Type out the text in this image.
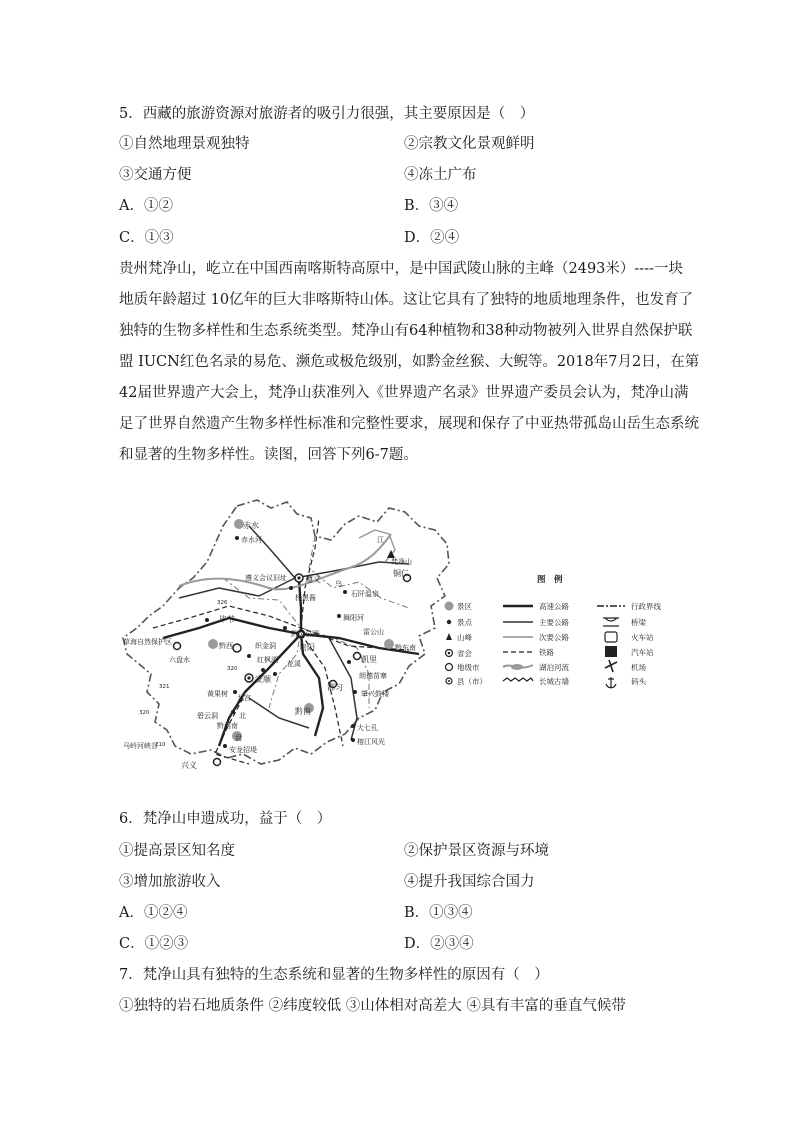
5．西藏的旅游资源对旅游者的吸引力很强，其主要原因是（　）
①自然地理景观独特	②宗教文化景观鲜明
③交通方便	④冻土广布
A．①②	B．③④
C．①③	D．②④
贵州梵净山，屹立在中国西南喀斯特高原中，是中国武陵山脉的主峰（2493米）----一块
地质年龄超过 10亿年的巨大非喀斯特山体。这让它具有了独特的地质地理条件，也发育了
独特的生物多样性和生态系统类型。梵净山有64种植物和38种动物被列入世界自然保护联
盟 IUCN红色名录的易危、濒危或极危级别，如黔金丝猴、大鲵等。2018年7月2日，在第
42届世界遗产大会上，梵净山获准列入《世界遗产名录》世界遗产委员会认为，梵净山满
足了世界自然遗产生物多样性标准和完整性要求，展现和保存了中亚热带孤岛山岳生态系统
和显著的生物多样性。读图，回答下列6-7题。
326
320
321
320
210
赤水
赤水河
遵义会议旧址 遵义
杨黑酱	石阡温泉
梵净山
铜仁
乌
江
草海自然保护区
毕节
织金洞
黔西	贵阳
黔灵公园
花溪
舞阳河
雷公山
凯里
黔东南
六盘水	红枫湖
安顺
黄果树 龙宫
都匀
朗德苗寨
肇兴鼓楼
碧云洞
黔西南
北
盘
安龙招堤
黔南
大七孔
榕江风光
马岭河峡谷
兴义
图　例
景区
景点
山峰
省会
地级市
县（市）
高速公路
主要公路
次要公路
铁路
湖泊河流
长城古墙
行政界线
桥梁
火车站
汽车站
机场
码头
6．梵净山申遗成功，益于（　）
①提高景区知名度	②保护景区资源与环境
③增加旅游收入	④提升我国综合国力
A．①②④	B．①③④
C．①②③	D．②③④
7．梵净山具有独特的生态系统和显著的生物多样性的原因有（　）
①独特的岩石地质条件 ②纬度较低 ③山体相对高差大 ④具有丰富的垂直气候带
